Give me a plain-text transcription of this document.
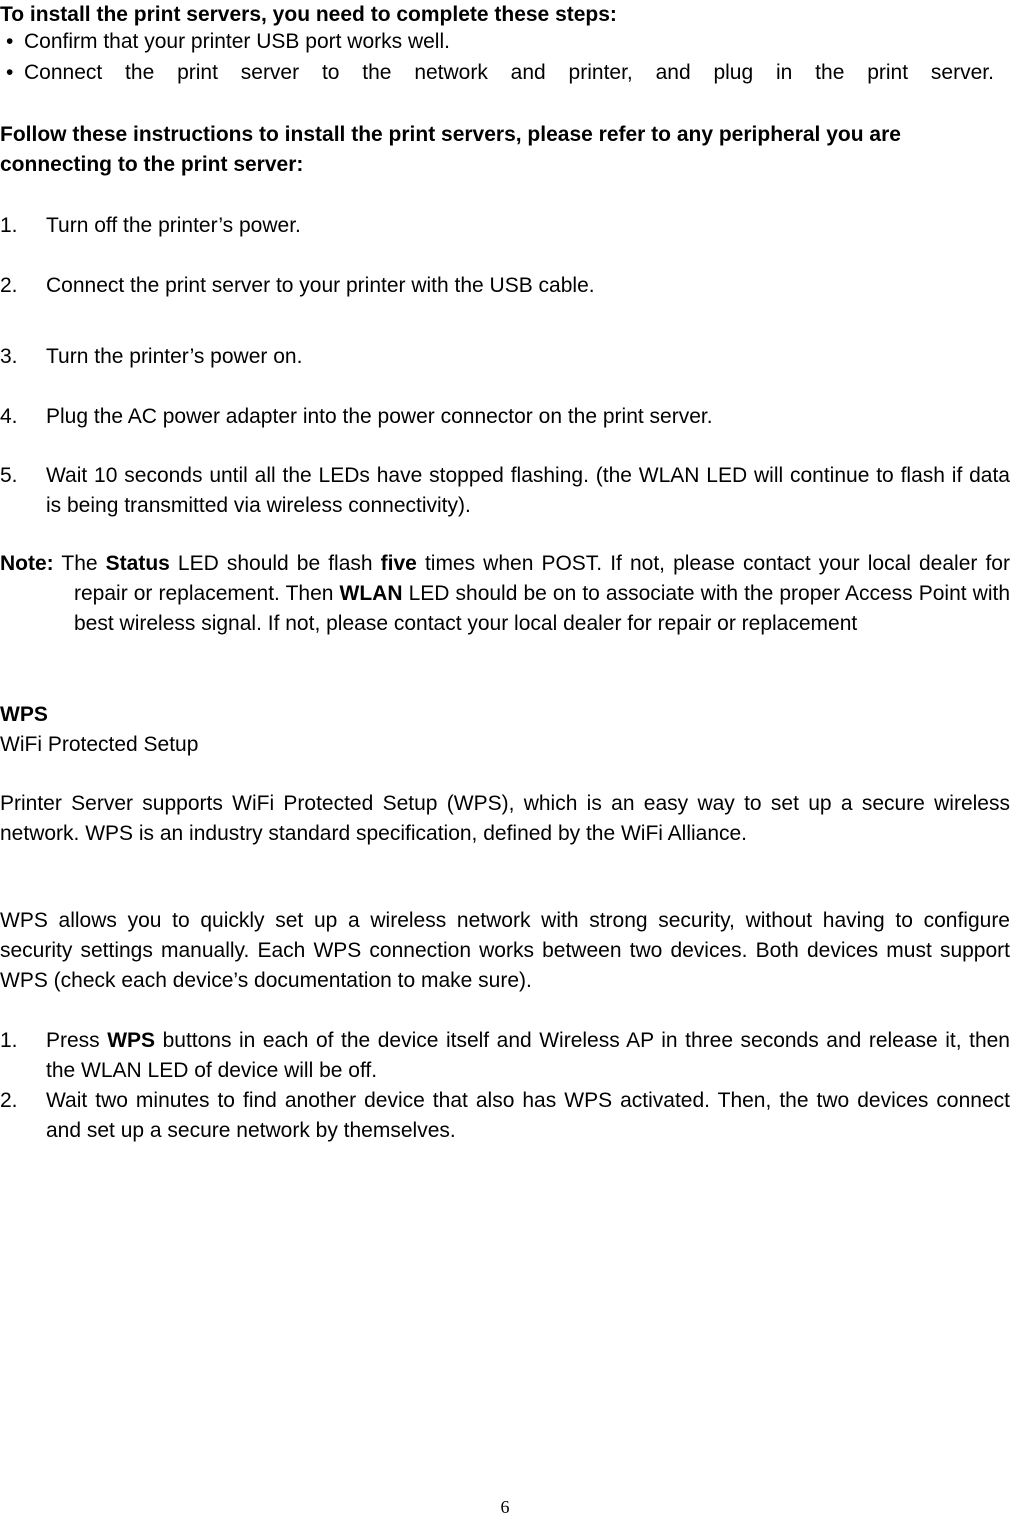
To install the print servers, you need to complete these steps:

• Confirm that your printer USB port works well.
• Connect the print server to the network and printer, and plug in the print server.

Follow these instructions to install the print servers, please refer to any peripheral you are connecting to the print server:

1.	Turn off the printer’s power.
2.	Connect the print server to your printer with the USB cable.
3.	Turn the printer’s power on.
4.	Plug the AC power adapter into the power connector on the print server.
5.	Wait 10 seconds until all the LEDs have stopped flashing. (the WLAN LED will continue to flash if data is being transmitted via wireless connectivity).
Note: The Status LED should be flash five times when POST. If not, please contact your local dealer for repair or replacement. Then WLAN LED should be on to associate with the proper Access Point with best wireless signal. If not, please contact your local dealer for repair or replacement
WPS
WiFi Protected Setup
Printer Server supports WiFi Protected Setup (WPS), which is an easy way to set up a secure wireless network. WPS is an industry standard specification, defined by the WiFi Alliance.
WPS allows you to quickly set up a wireless network with strong security, without having to configure security settings manually. Each WPS connection works between two devices. Both devices must support WPS (check each device’s documentation to make sure).
1.	Press WPS buttons in each of the device itself and Wireless AP in three seconds and release it, then the WLAN LED of device will be off.
2.	Wait two minutes to find another device that also has WPS activated. Then, the two devices connect and set up a secure network by themselves.
6
